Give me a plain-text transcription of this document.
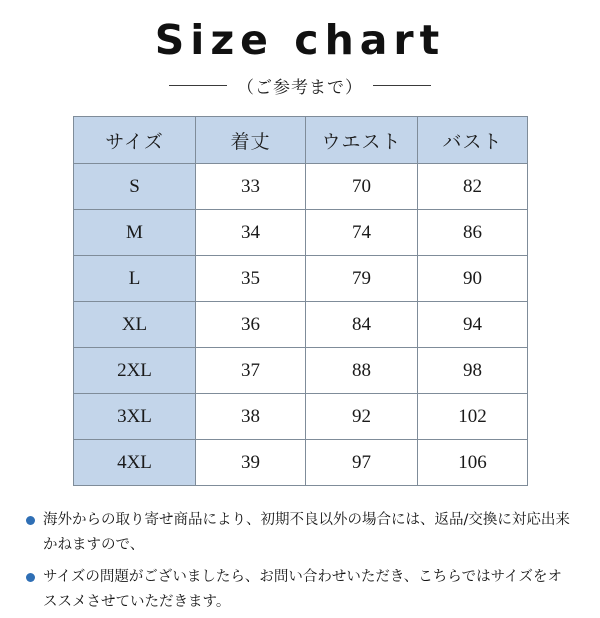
Size chart
（ご参考まで）
サイズ	着丈	ウエスト	バスト
S	33	70	82
M	34	74	86
L	35	79	90
XL	36	84	94
2XL	37	88	98
3XL	38	92	102
4XL	39	97	106
海外からの取り寄せ商品により、初期不良以外の場合には、返品/交換に対応出来かねますので、
サイズの問題がございましたら、お問い合わせいただき、こちらではサイズをオススメさせていただきます。
